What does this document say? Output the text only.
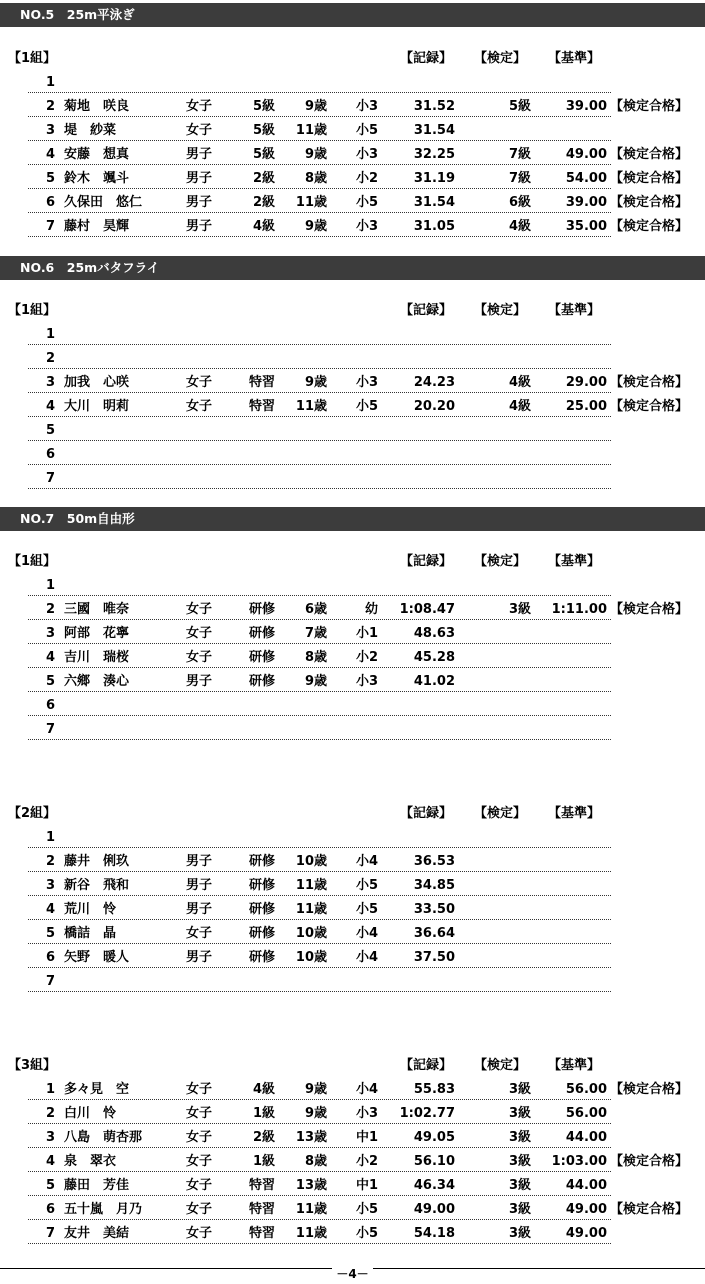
NO.5　25m平泳ぎ
【1組】	【記録】 【検定】 【基準】
1
2 菊地　咲良	女子	5級	9歳	小3	31.52	5級	39.00 【検定合格】
3 堤　紗菜	女子	5級	11歳	小5	31.54
4 安藤　想真	男子	5級	9歳	小3	32.25	7級	49.00 【検定合格】
5 鈴木　颯斗	男子	2級	8歳	小2	31.19	7級	54.00 【検定合格】
6 久保田　悠仁	男子	2級	11歳	小5	31.54	6級	39.00 【検定合格】
7 藤村　昊輝	男子	4級	9歳	小3	31.05	4級	35.00 【検定合格】
NO.6　25mバタフライ
【1組】	【記録】 【検定】 【基準】
1
2
3 加我　心咲	女子	特習	9歳	小3	24.23	4級	29.00 【検定合格】
4 大川　明莉	女子	特習	11歳	小5	20.20	4級	25.00 【検定合格】
5
6
7
NO.7　50m自由形
【1組】	【記録】 【検定】 【基準】
1
2 三國　唯奈	女子	研修	6歳	幼	1:08.47	3級	1:11.00 【検定合格】
3 阿部　花寧	女子	研修	7歳	小1	48.63
4 吉川　瑞桜	女子	研修	8歳	小2	45.28
5 六鄉　湊心	男子	研修	9歳	小3	41.02
6
7
【2組】	【記録】 【検定】 【基準】
1
2 藤井　俐玖	男子	研修	10歳	小4	36.53
3 新谷　飛和	男子	研修	11歳	小5	34.85
4 荒川　怜	男子	研修	11歳	小5	33.50
5 橋詰　晶	女子	研修	10歳	小4	36.64
6 矢野　暖人	男子	研修	10歳	小4	37.50
7
【3組】	【記録】 【検定】 【基準】
1 多々見　空	女子	4級	9歳	小4	55.83	3級	56.00 【検定合格】
2 白川　怜	女子	1級	9歳	小3	1:02.77	3級	56.00
3 八島　萌杏那	女子	2級	13歳	中1	49.05	3級	44.00
4 泉　翠衣	女子	1級	8歳	小2	56.10	3級	1:03.00 【検定合格】
5 藤田　芳佳	女子	特習	13歳	中1	46.34	3級	44.00
6 五十嵐　月乃	女子	特習	11歳	小5	49.00	3級	49.00 【検定合格】
7 友井　美結	女子	特習	11歳	小5	54.18	3級	49.00
－4－
